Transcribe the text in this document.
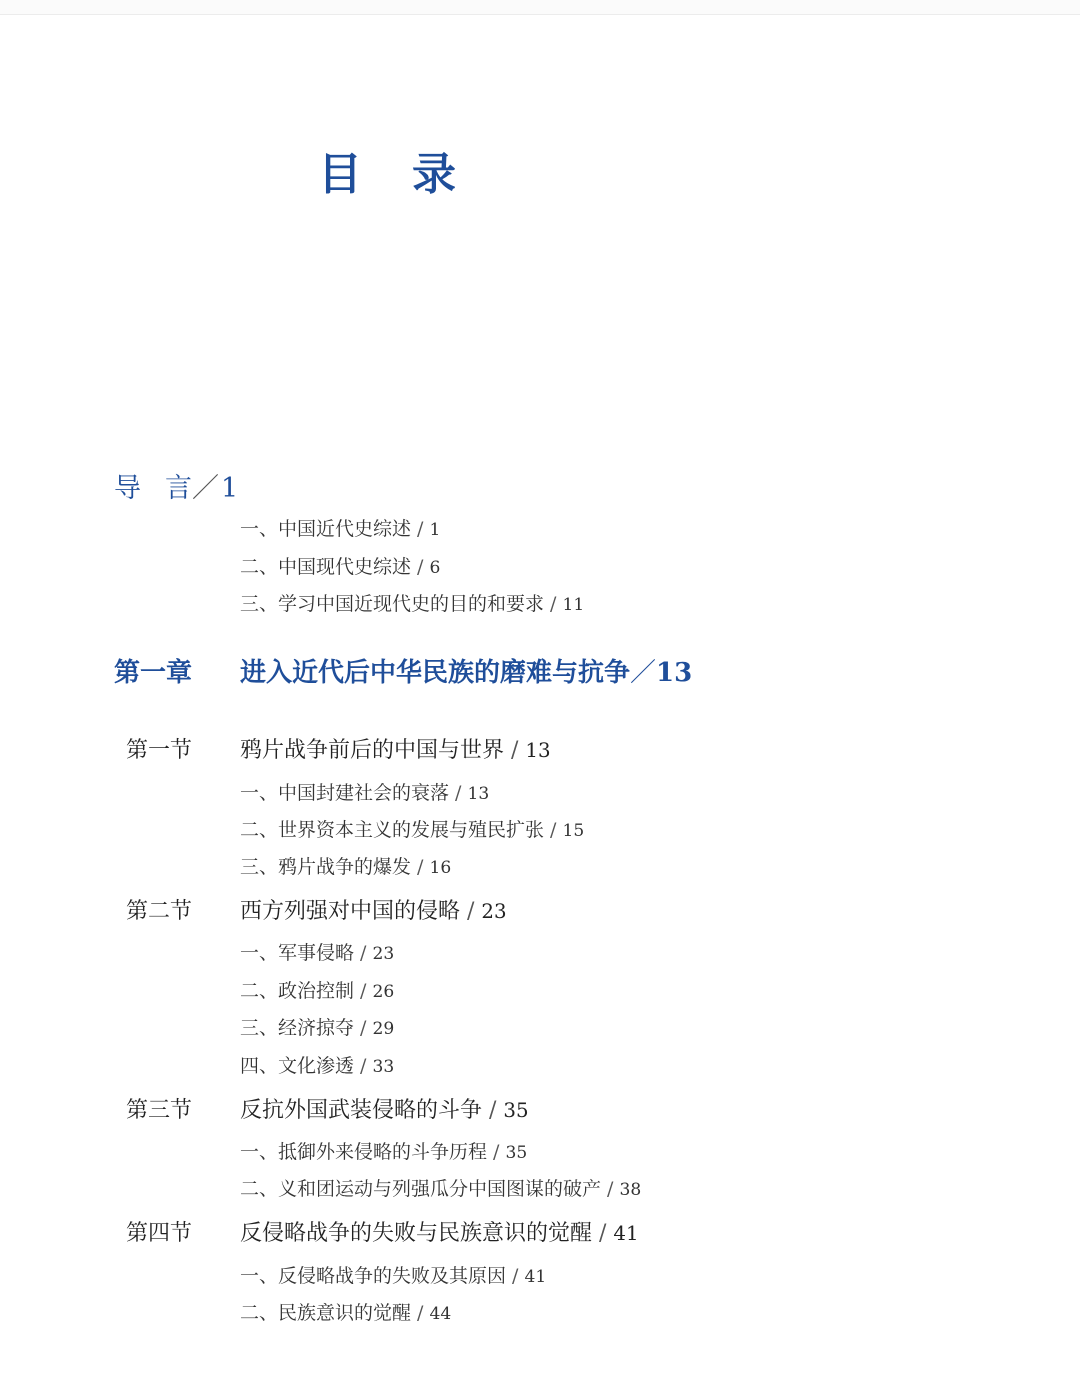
目 录
导 言／1
一、中国近代史综述 / 1
二、中国现代史综述 / 6
三、学习中国近现代史的目的和要求 / 11
第一章 进入近代后中华民族的磨难与抗争／13
第一节 鸦片战争前后的中国与世界 / 13
一、中国封建社会的衰落 / 13
二、世界资本主义的发展与殖民扩张 / 15
三、鸦片战争的爆发 / 16
第二节 西方列强对中国的侵略 / 23
一、军事侵略 / 23
二、政治控制 / 26
三、经济掠夺 / 29
四、文化渗透 / 33
第三节 反抗外国武装侵略的斗争 / 35
一、抵御外来侵略的斗争历程 / 35
二、义和团运动与列强瓜分中国图谋的破产 / 38
第四节 反侵略战争的失败与民族意识的觉醒 / 41
一、反侵略战争的失败及其原因 / 41
二、民族意识的觉醒 / 44
